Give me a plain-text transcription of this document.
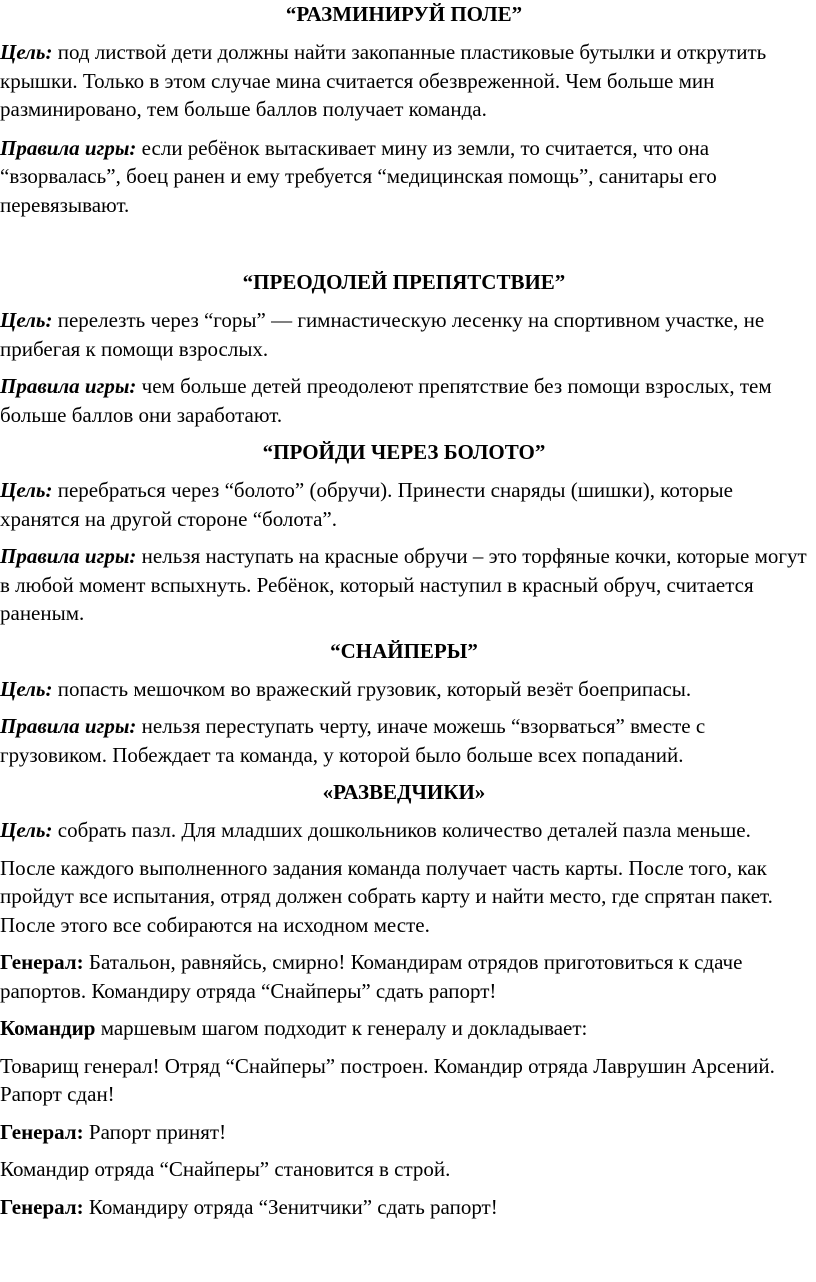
“РАЗМИНИРУЙ ПОЛЕ”

Цель: под листвой дети должны найти закопанные пластиковые бутылки и открутить крышки. Только в этом случае мина считается обезвреженной. Чем больше мин разминировано, тем больше баллов получает команда.

Правила игры: если ребёнок вытаскивает мину из земли, то считается, что она “взорвалась”, боец ранен и ему требуется “медицинская помощь”, санитары его перевязывают.

“ПРЕОДОЛЕЙ ПРЕПЯТСТВИЕ”

Цель: перелезть через “горы” — гимнастическую лесенку на спортивном участке, не прибегая к помощи взрослых.

Правила игры: чем больше детей преодолеют препятствие без помощи взрослых, тем больше баллов они заработают.

“ПРОЙДИ ЧЕРЕЗ БОЛОТО”

Цель: перебраться через “болото” (обручи). Принести снаряды (шишки), которые хранятся на другой стороне “болота”.

Правила игры: нельзя наступать на красные обручи – это торфяные кочки, которые могут в любой момент вспыхнуть. Ребёнок, который наступил в красный обруч, считается раненым.

“СНАЙПЕРЫ”

Цель: попасть мешочком во вражеский грузовик, который везёт боеприпасы.

Правила игры: нельзя переступать черту, иначе можешь “взорваться” вместе с грузовиком. Побеждает та команда, у которой было больше всех попаданий.

«РАЗВЕДЧИКИ»

Цель: собрать пазл. Для младших дошкольников количество деталей пазла меньше.

После каждого выполненного задания команда получает часть карты. После того, как пройдут все испытания, отряд должен собрать карту и найти место, где спрятан пакет. После этого все собираются на исходном месте.

Генерал: Батальон, равняйсь, смирно! Командирам отрядов приготовиться к сдаче рапортов. Командиру отряда “Снайперы” сдать рапорт!

Командир маршевым шагом подходит к генералу и докладывает:

Товарищ генерал! Отряд “Снайперы” построен. Командир отряда Лаврушин Арсений. Рапорт сдан!

Генерал: Рапорт принят!

Командир отряда “Снайперы” становится в строй.

Генерал: Командиру отряда “Зенитчики” сдать рапорт!
